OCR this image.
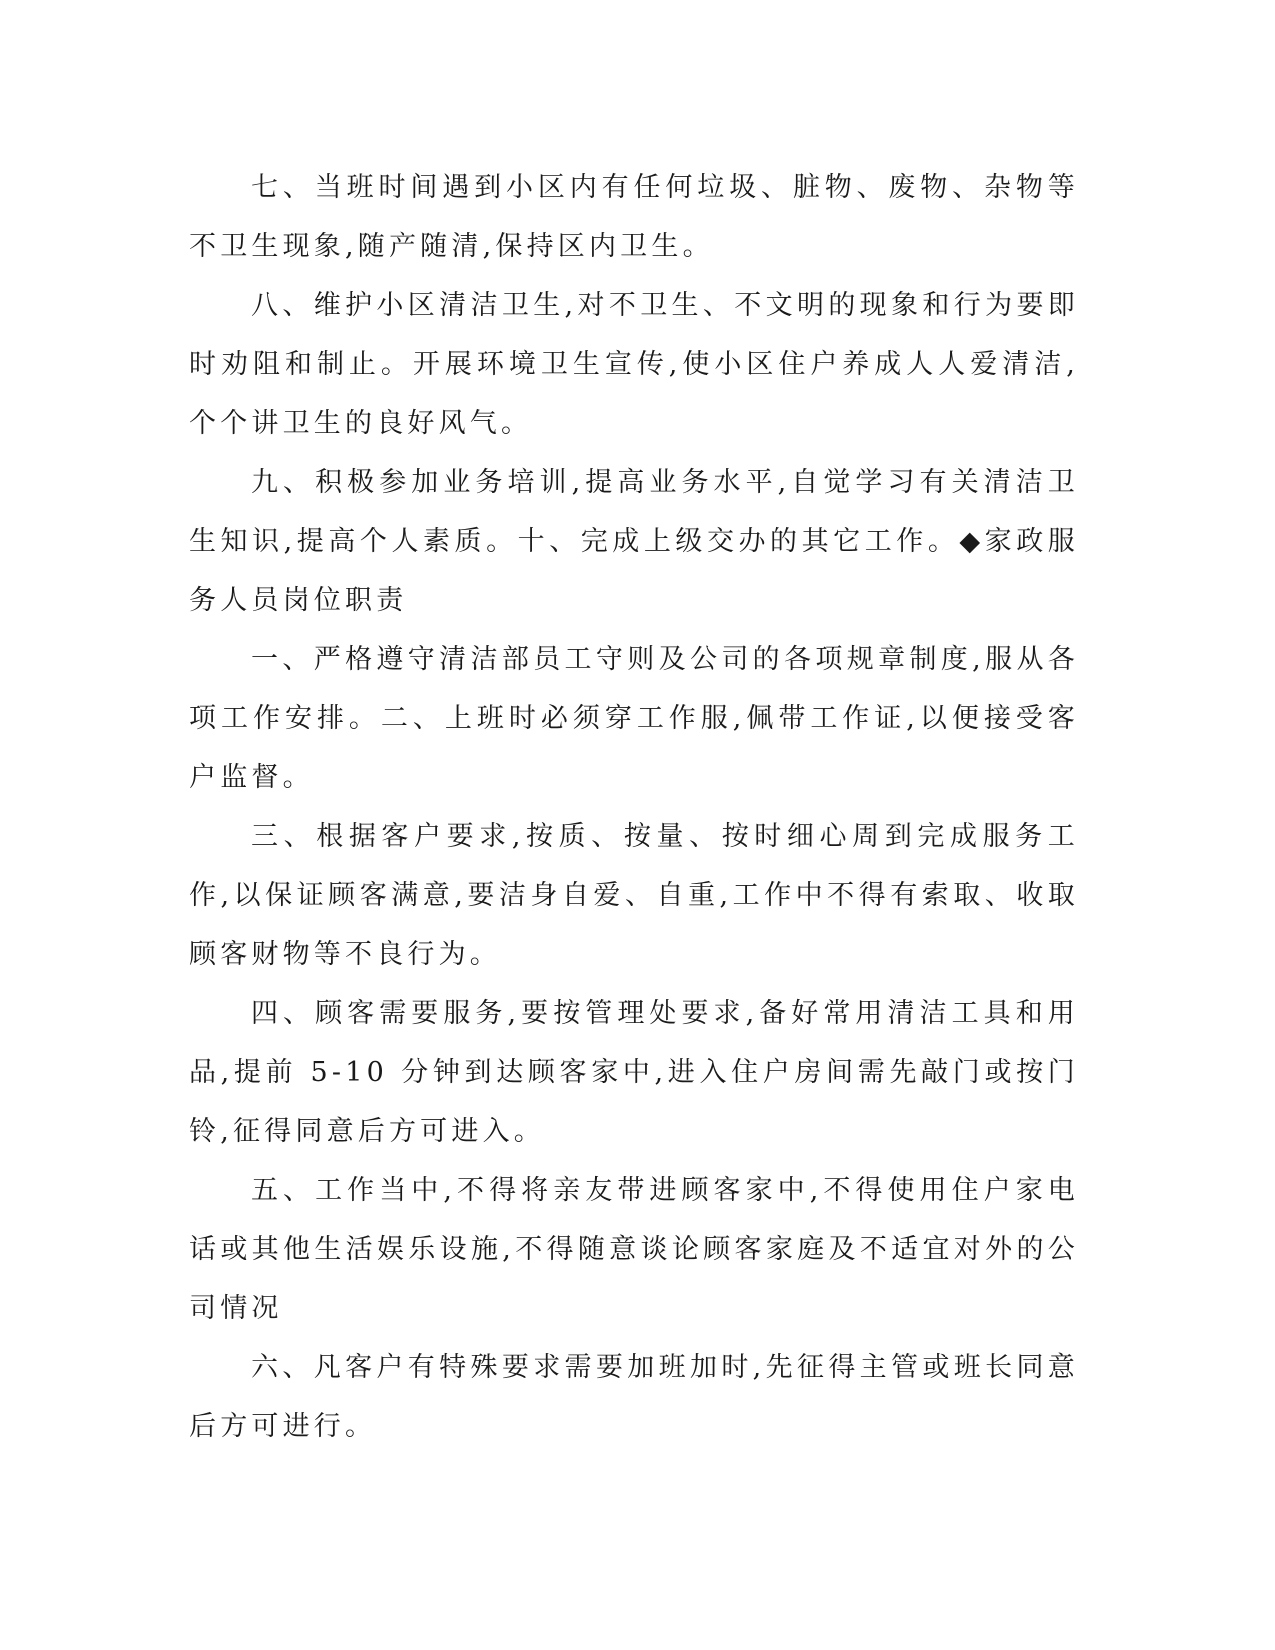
七、当班时间遇到小区内有任何垃圾、脏物、废物、杂物等不卫生现象,随产随清,保持区内卫生。

八、维护小区清洁卫生,对不卫生、不文明的现象和行为要即时劝阻和制止。开展环境卫生宣传,使小区住户养成人人爱清洁,个个讲卫生的良好风气。

九、积极参加业务培训,提高业务水平,自觉学习有关清洁卫生知识,提高个人素质。十、完成上级交办的其它工作。◆家政服务人员岗位职责

一、严格遵守清洁部员工守则及公司的各项规章制度,服从各项工作安排。二、上班时必须穿工作服,佩带工作证,以便接受客户监督。

三、根据客户要求,按质、按量、按时细心周到完成服务工作,以保证顾客满意,要洁身自爱、自重,工作中不得有索取、收取顾客财物等不良行为。

四、顾客需要服务,要按管理处要求,备好常用清洁工具和用品,提前 5-10 分钟到达顾客家中,进入住户房间需先敲门或按门铃,征得同意后方可进入。

五、工作当中,不得将亲友带进顾客家中,不得使用住户家电话或其他生活娱乐设施,不得随意谈论顾客家庭及不适宜对外的公司情况

六、凡客户有特殊要求需要加班加时,先征得主管或班长同意后方可进行。
